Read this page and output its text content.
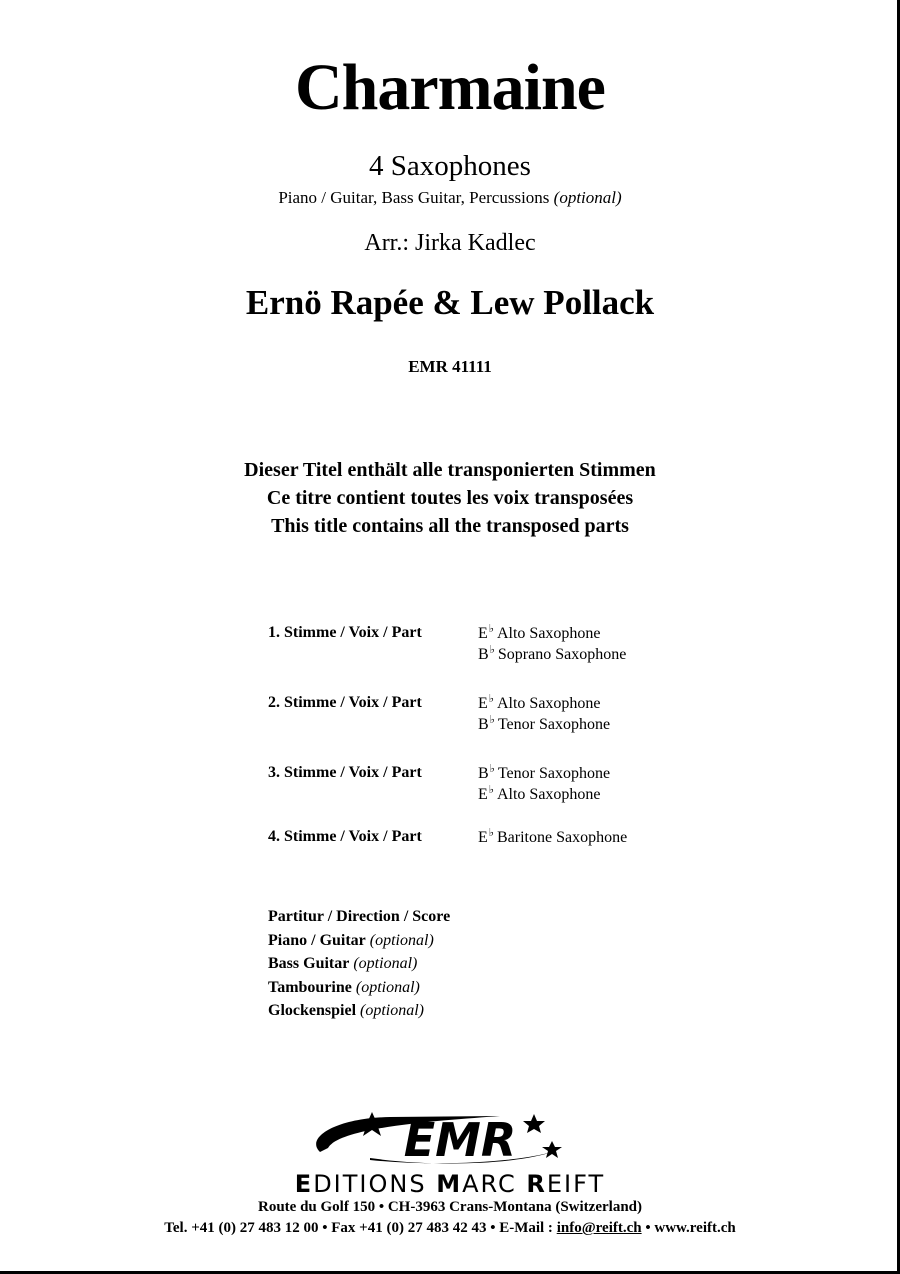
Charmaine
4 Saxophones
Piano / Guitar, Bass Guitar, Percussions (optional)
Arr.: Jirka Kadlec
Ernö Rapée & Lew Pollack
EMR 41111
Dieser Titel enthält alle transponierten Stimmen
Ce titre contient toutes les voix transposées
This title contains all the transposed parts
1. Stimme / Voix / Part	E♭ Alto Saxophone
B♭ Soprano Saxophone
2. Stimme / Voix / Part	E♭ Alto Saxophone
B♭ Tenor Saxophone
3. Stimme / Voix / Part	B♭ Tenor Saxophone
E♭ Alto Saxophone
4. Stimme / Voix / Part	E♭ Baritone Saxophone
Partitur / Direction / Score
Piano / Guitar (optional)
Bass Guitar (optional)
Tambourine (optional)
Glockenspiel (optional)
EMR
EDITIONS MARC REIFT
Route du Golf 150 • CH-3963 Crans-Montana (Switzerland)
Tel. +41 (0) 27 483 12 00 • Fax +41 (0) 27 483 42 43 • E-Mail : info@reift.ch • www.reift.ch
